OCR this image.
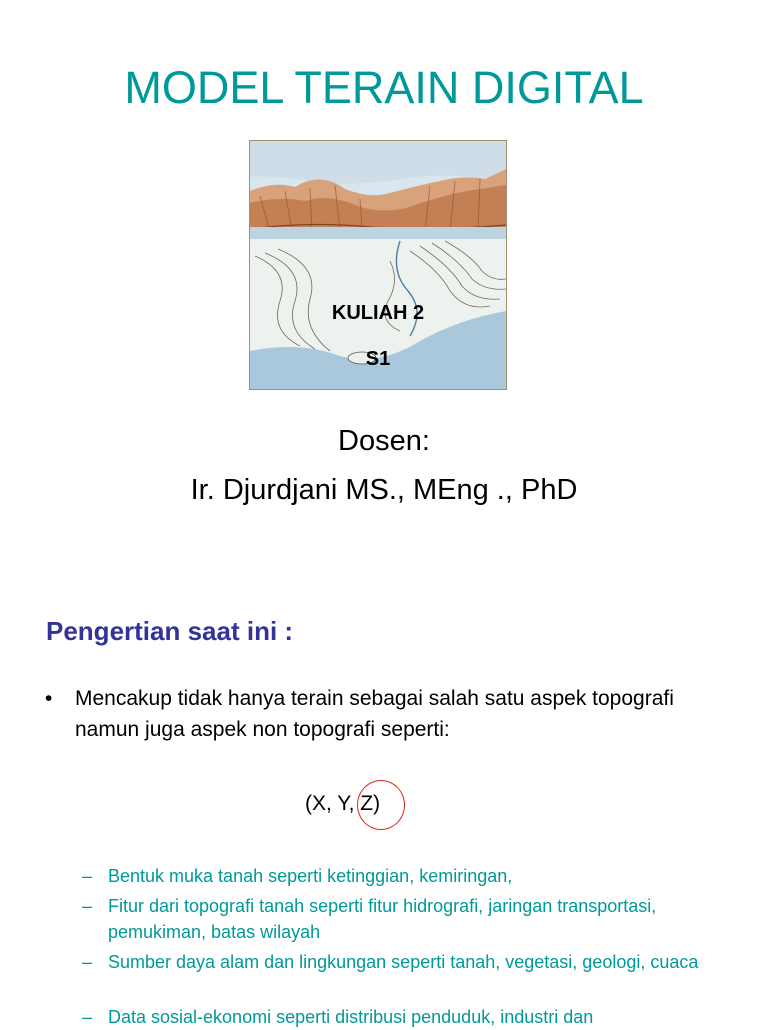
MODEL TERAIN DIGITAL
KULIAH 2
S1
Dosen:
Ir. Djurdjani MS., MEng ., PhD
Pengertian saat ini :
• Mencakup tidak hanya terain sebagai salah satu aspek topografi namun juga aspek non topografi seperti:
(X, Y, Z)
– Bentuk muka tanah seperti ketinggian, kemiringan,
– Fitur dari topografi tanah seperti fitur hidrografi, jaringan transportasi, pemukiman, batas wilayah
– Sumber daya alam dan lingkungan seperti tanah, vegetasi, geologi, cuaca
– Data sosial-ekonomi seperti distribusi penduduk, industri dan
